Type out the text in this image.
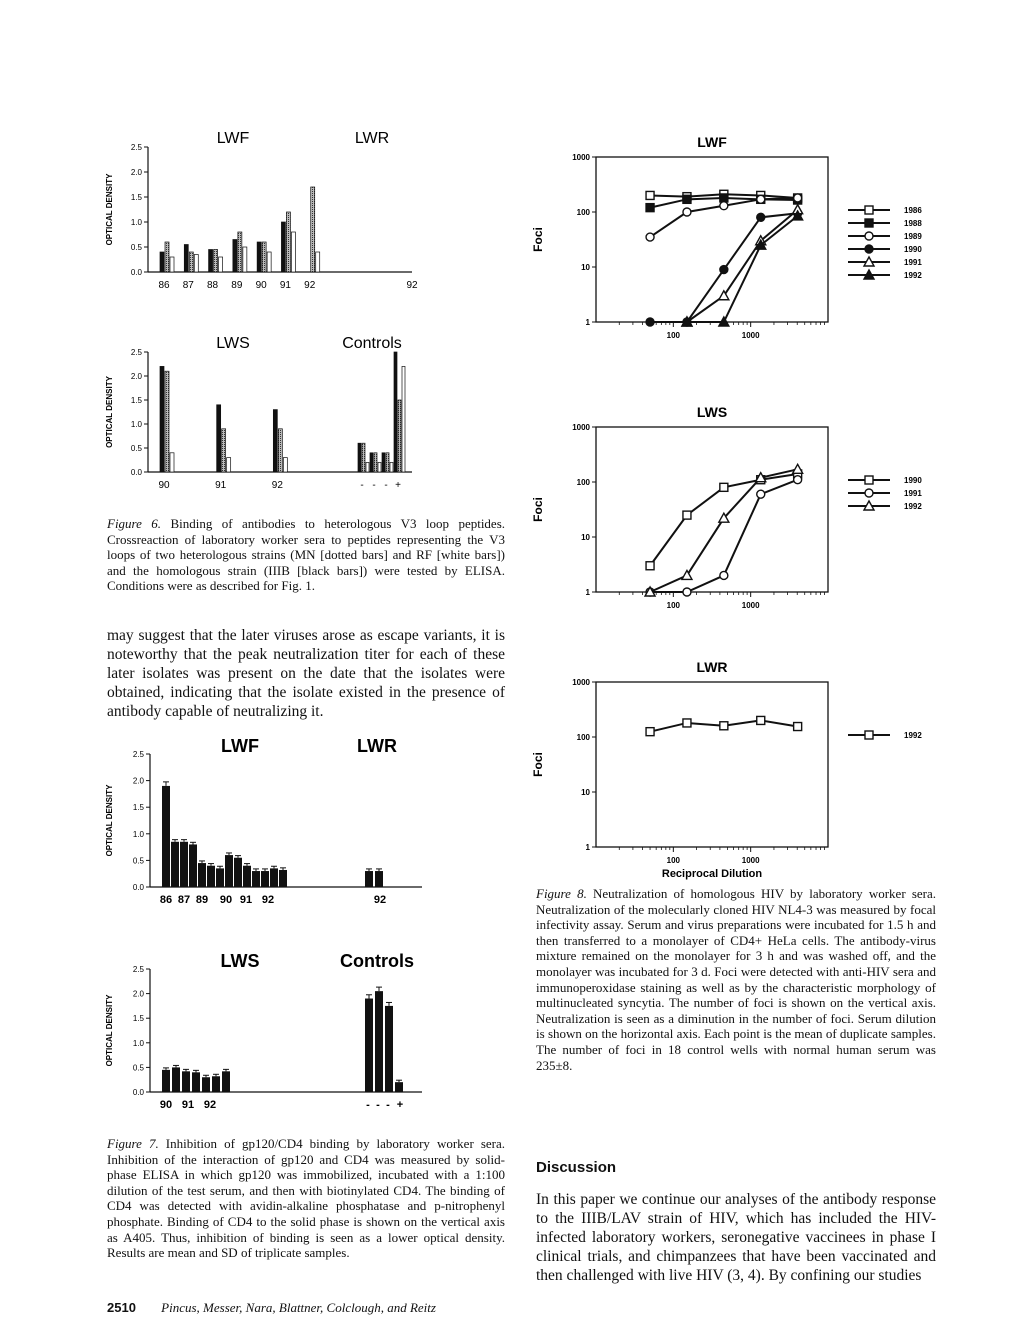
0.0
0.5
1.0
1.5
2.0
2.5
OPTICAL DENSITY
86 87 88 89 90 91 92	92
LWF	LWR
0.0
0.5
1.0
1.5
2.0
2.5
OPTICAL DENSITY
90	91	92	- - - +
LWS	Controls

Figure 6. Binding of antibodies to heterologous V3 loop peptides. Crossreaction of laboratory worker sera to peptides representing the V3 loops of two heterologous strains (MN [dotted bars] and RF [white bars]) and the homologous strain (IIIB [black bars]) were tested by ELISA. Conditions were as described for Fig. 1.

may suggest that the later viruses arose as escape variants, it is noteworthy that the peak neutralization titer for each of these later isolates was present on the date that the isolates were obtained, indicating that the isolate existed in the presence of antibody capable of neutralizing it.

0.0
0.5
1.0
1.5
2.0
2.5
OPTICAL DENSITY
86 87 89 90 91 92	92
LWF	LWR
0.0
0.5
1.0
1.5
2.0
2.5
OPTICAL DENSITY
90 91 92	- - - +
LWS	Controls

Figure 7. Inhibition of gp120/CD4 binding by laboratory worker sera. Inhibition of the interaction of gp120 and CD4 was measured by solid-phase ELISA in which gp120 was immobilized, incubated with a 1:100 dilution of the test serum, and then with biotinylated CD4. The binding of CD4 was detected with avidin-alkaline phosphatase and p-nitrophenyl phosphate. Binding of CD4 to the solid phase is shown on the vertical axis as A405. Thus, inhibition of binding is seen as a lower optical density. Results are mean and SD of triplicate samples.

1
10
100
1000
100	1000
LWF
Foci
1986
1988
1989
1990
1991
1992
1
10
100
1000
100	1000
LWS
Foci
1990
1991
1992
1
10
100
1000
100	1000
LWR
Foci
Reciprocal Dilution
1992

Figure 8. Neutralization of homologous HIV by laboratory worker sera. Neutralization of the molecularly cloned HIV NL4-3 was measured by focal infectivity assay. Serum and virus preparations were incubated for 1.5 h and then transferred to a monolayer of CD4+ HeLa cells. The antibody-virus mixture remained on the monolayer for 3 h and was washed off, and the monolayer was incubated for 3 d. Foci were detected with anti-HIV sera and immunoperoxidase staining as well as by the characteristic morphology of multinucleated syncytia. The number of foci is shown on the vertical axis. Neutralization is seen as a diminution in the number of foci. Serum dilution is shown on the horizontal axis. Each point is the mean of duplicate samples. The number of foci in 18 control wells with normal human serum was 235±8.

Discussion

In this paper we continue our analyses of the antibody response to the IIIB/LAV strain of HIV, which has included the HIV-infected laboratory workers, seronegative vaccinees in phase I clinical trials, and chimpanzees that have been vaccinated and then challenged with live HIV (3, 4). By confining our studies

2510 Pincus, Messer, Nara, Blattner, Colclough, and Reitz
